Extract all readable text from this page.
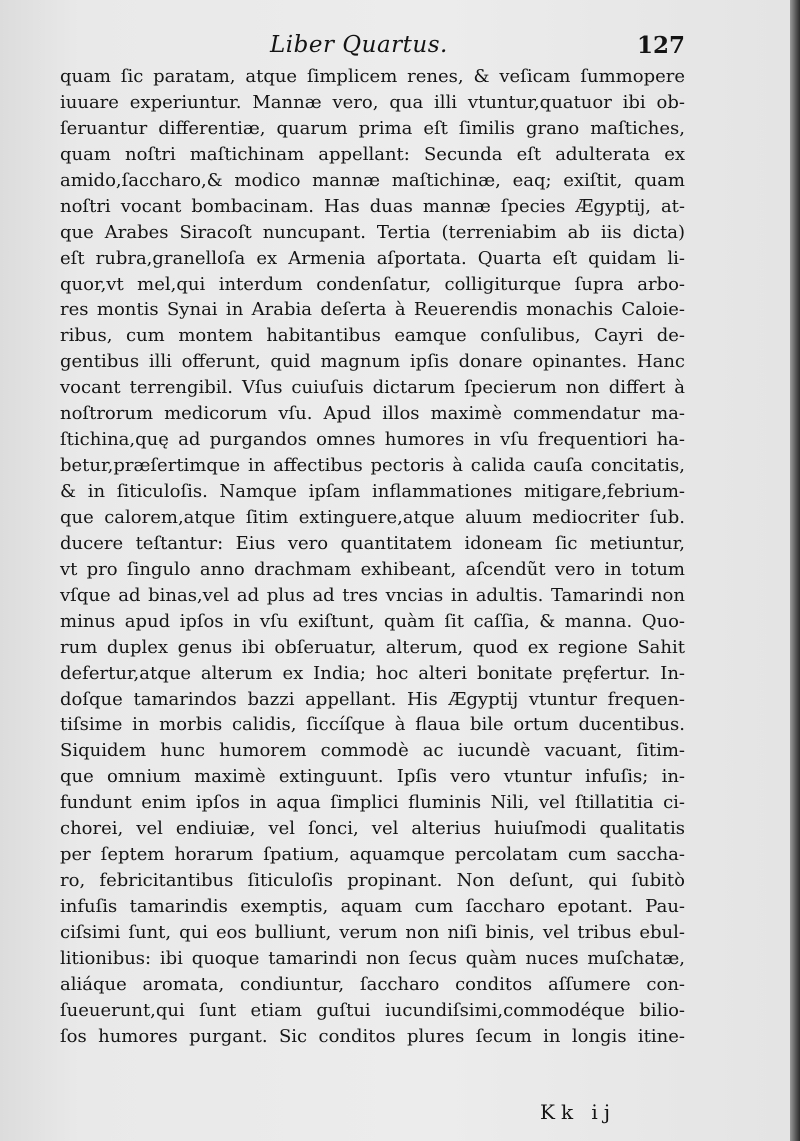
Liber Quartus.	127
quam ſic paratam, atque ſimplicem renes, & veſicam ſummopere
iuuare experiuntur. Mannæ vero, qua illi vtuntur,quatuor ibi ob-
ſeruantur differentiæ, quarum prima eſt ſimilis grano maſtiches,
quam noſtri maſtichinam appellant: Secunda eſt adulterata ex
amido,ſaccharo,& modico mannæ maſtichinæ, eaq; exiſtit, quam
noſtri vocant bombacinam. Has duas mannæ ſpecies Ægyptij, at-
que Arabes Siracoſt nuncupant. Tertia (terreniabim ab iis dicta)
eſt rubra,granelloſa ex Armenia aſportata. Quarta eſt quidam li-
quor,vt mel,qui interdum condenſatur, colligiturque ſupra arbo-
res montis Synai in Arabia deſerta à Reuerendis monachis Caloie-
ribus, cum montem habitantibus eamque conſulibus, Cayri de-
gentibus illi offerunt, quid magnum ipſis donare opinantes. Hanc
vocant terrengibil. Vſus cuiuſuis dictarum ſpecierum non differt à
noſtrorum medicorum vſu. Apud illos maximè commendatur ma-
ſtichina,quę ad purgandos omnes humores in vſu frequentiori ha-
betur,præſertimque in affectibus pectoris à calida cauſa concitatis,
& in ſiticuloſis. Namque ipſam inflammationes mitigare,febrium-
que calorem,atque ſitim extinguere,atque aluum mediocriter ſub.
ducere teſtantur: Eius vero quantitatem idoneam ſic metiuntur,
vt pro ſingulo anno drachmam exhibeant, aſcendũt vero in totum
vſque ad binas,vel ad plus ad tres vncias in adultis. Tamarindi non
minus apud ipſos in vſu exiſtunt, quàm ſit caſſia, & manna. Quo-
rum duplex genus ibi obſeruatur, alterum, quod ex regione Sahit
defertur,atque alterum ex India; hoc alteri bonitate pręfertur. In-
doſque tamarindos bazzi appellant. His Ægyptij vtuntur frequen-
tiſsime in morbis calidis, ſiccíſque à flaua bile ortum ducentibus.
Siquidem hunc humorem commodè ac iucundè vacuant, ſitim-
que omnium maximè extinguunt. Ipſis vero vtuntur infuſis; in-
fundunt enim ipſos in aqua ſimplici fluminis Nili, vel ſtillatitia ci-
chorei, vel endiuiæ, vel ſonci, vel alterius huiuſmodi qualitatis
per ſeptem horarum ſpatium, aquamque percolatam cum saccha-
ro, febricitantibus ſiticuloſis propinant. Non deſunt, qui ſubitò
infuſis tamarindis exemptis, aquam cum ſaccharo epotant. Pau-
ciſsimi ſunt, qui eos bulliunt, verum non niſi binis, vel tribus ebul-
litionibus: ibi quoque tamarindi non ſecus quàm nuces muſchatæ,
aliáque aromata, condiuntur, ſaccharo conditos aſſumere con-
ſueuerunt,qui ſunt etiam guſtui iucundiſsimi,commodéque bilio-
ſos humores purgant. Sic conditos plures ſecum in longis itine-
Kk ij
